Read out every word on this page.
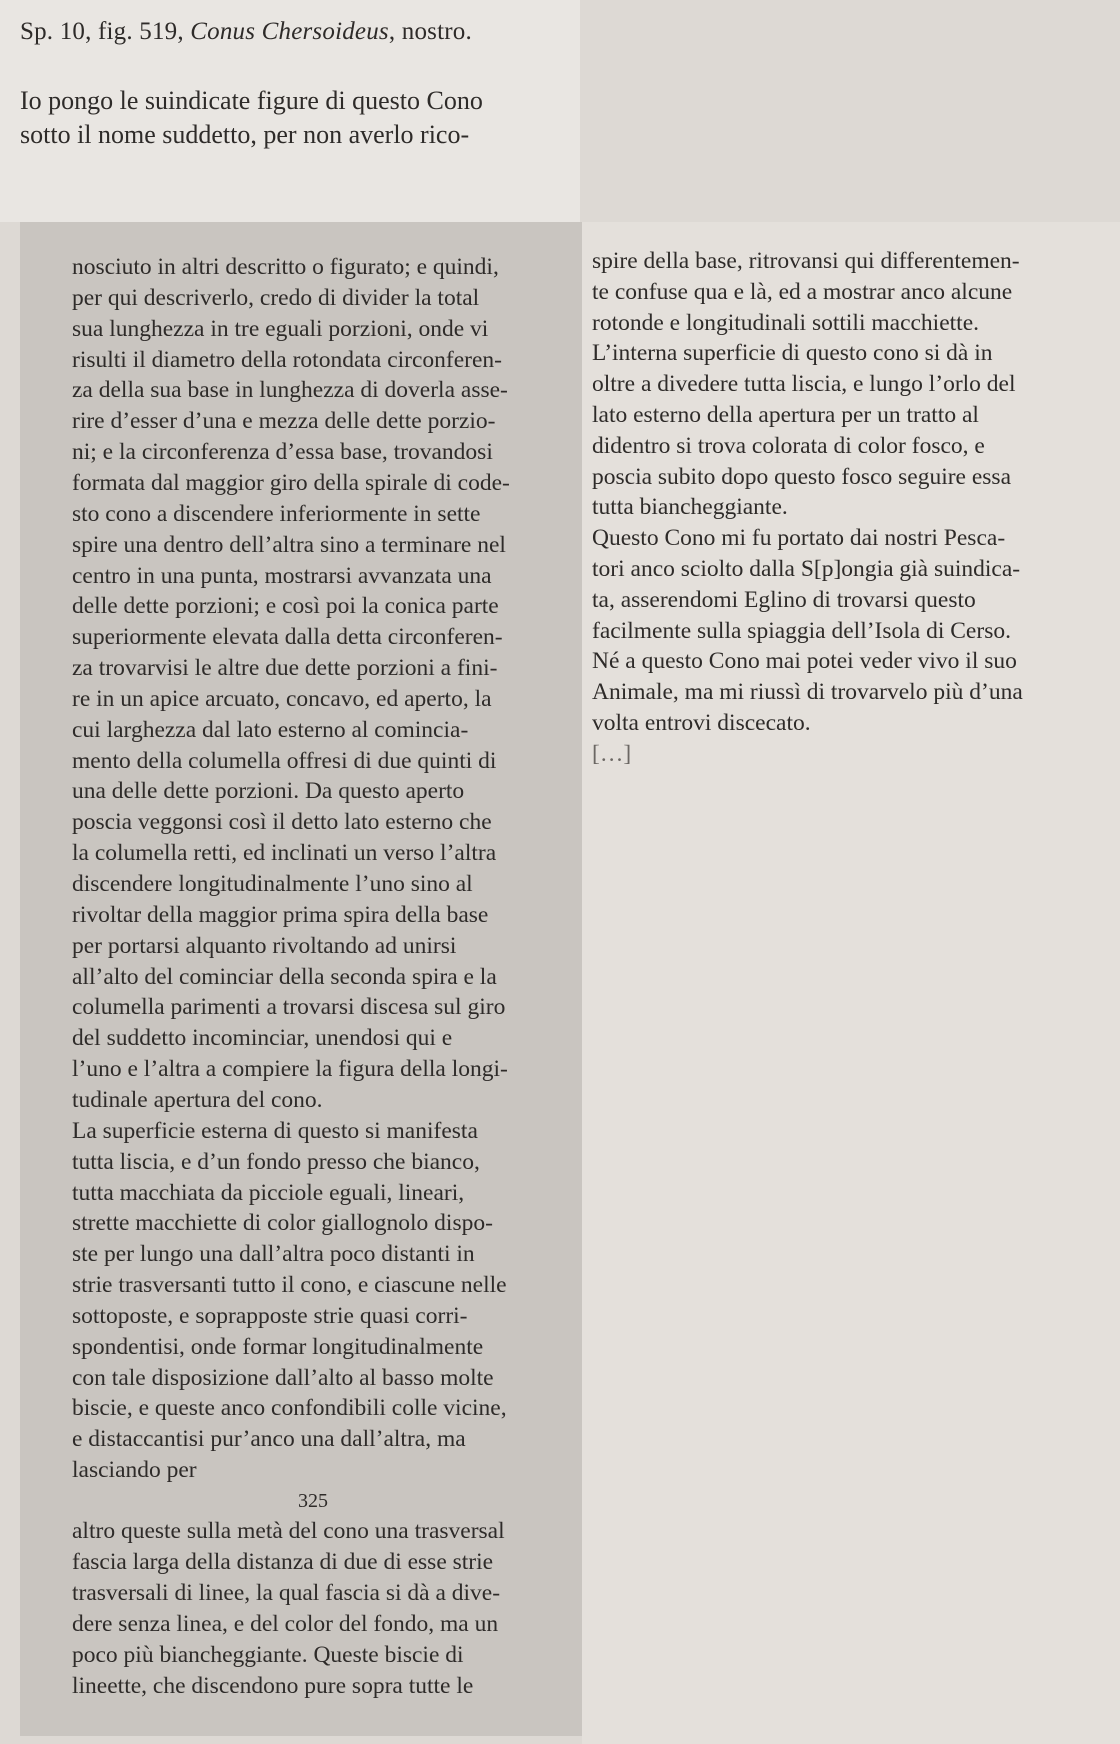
Sp. 10, fig. 519, Conus Chersoideus, nostro.

Io pongo le suindicate figure di questo Cono
sotto il nome suddetto, per non averlo rico-

nosciuto in altri descritto o figurato; e quindi,
per qui descriverlo, credo di divider la total
sua lunghezza in tre eguali porzioni, onde vi
risulti il diametro della rotondata circonferen-
za della sua base in lunghezza di doverla asse-
rire d’esser d’una e mezza delle dette porzio-
ni; e la circonferenza d’essa base, trovandosi
formata dal maggior giro della spirale di code-
sto cono a discendere inferiormente in sette
spire una dentro dell’altra sino a terminare nel
centro in una punta, mostrarsi avvanzata una
delle dette porzioni; e così poi la conica parte
superiormente elevata dalla detta circonferen-
za trovarvisi le altre due dette porzioni a fini-
re in un apice arcuato, concavo, ed aperto, la
cui larghezza dal lato esterno al comincia-
mento della columella offresi di due quinti di
una delle dette porzioni. Da questo aperto
poscia veggonsi così il detto lato esterno che
la columella retti, ed inclinati un verso l’altra
discendere longitudinalmente l’uno sino al
rivoltar della maggior prima spira della base
per portarsi alquanto rivoltando ad unirsi
all’alto del cominciar della seconda spira e la
columella parimenti a trovarsi discesa sul giro
del suddetto incominciar, unendosi qui e
l’uno e l’altra a compiere la figura della longi-
tudinale apertura del cono.
La superficie esterna di questo si manifesta
tutta liscia, e d’un fondo presso che bianco,
tutta macchiata da picciole eguali, lineari,
strette macchiette di color giallognolo dispo-
ste per lungo una dall’altra poco distanti in
strie trasversanti tutto il cono, e ciascune nelle
sottoposte, e soprapposte strie quasi corri-
spondentisi, onde formar longitudinalmente
con tale disposizione dall’alto al basso molte
biscie, e queste anco confondibili colle vicine,
e distaccantisi pur’anco una dall’altra, ma
lasciando per
325
altro queste sulla metà del cono una trasversal
fascia larga della distanza di due di esse strie
trasversali di linee, la qual fascia si dà a dive-
dere senza linea, e del color del fondo, ma un
poco più biancheggiante. Queste biscie di
lineette, che discendono pure sopra tutte le
spire della base, ritrovansi qui differentemen-
te confuse qua e là, ed a mostrar anco alcune
rotonde e longitudinali sottili macchiette.
L’interna superficie di questo cono si dà in
oltre a divedere tutta liscia, e lungo l’orlo del
lato esterno della apertura per un tratto al
didentro si trova colorata di color fosco, e
poscia subito dopo questo fosco seguire essa
tutta biancheggiante.
Questo Cono mi fu portato dai nostri Pesca-
tori anco sciolto dalla S[p]ongia già suindica-
ta, asserendomi Eglino di trovarsi questo
facilmente sulla spiaggia dell’Isola di Cerso.
Né a questo Cono mai potei veder vivo il suo
Animale, ma mi riussì di trovarvelo più d’una
volta entrovi discecato.
[…]
